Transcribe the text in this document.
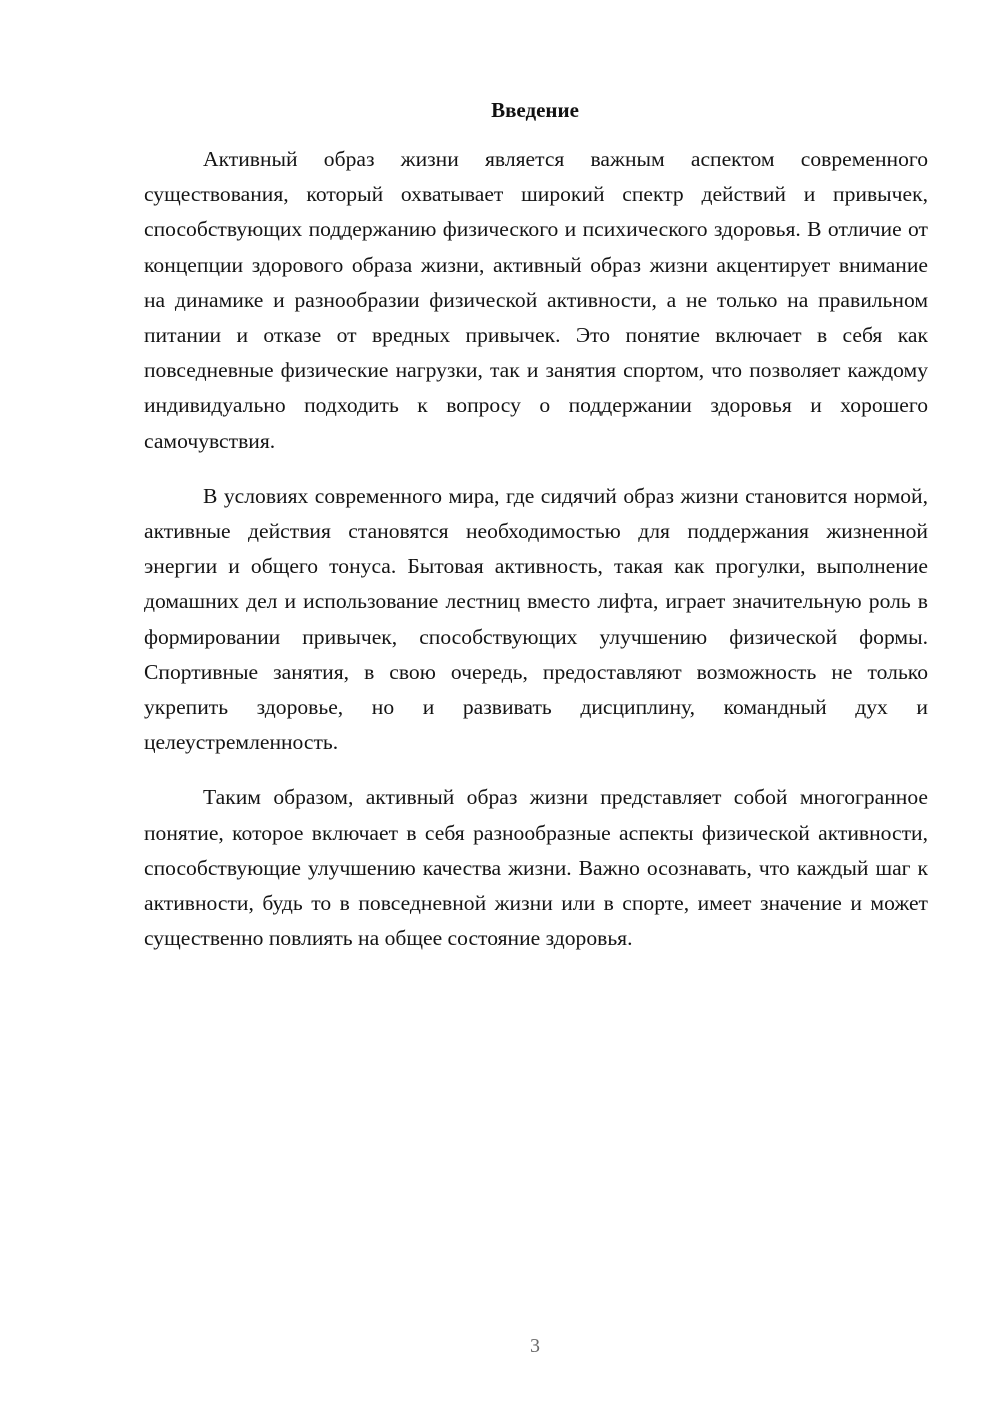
Введение

Активный образ жизни является важным аспектом современного существования, который охватывает широкий спектр действий и привычек, способствующих поддержанию физического и психического здоровья. В отличие от концепции здорового образа жизни, активный образ жизни акцентирует внимание на динамике и разнообразии физической активности, а не только на правильном питании и отказе от вредных привычек. Это понятие включает в себя как повседневные физические нагрузки, так и занятия спортом, что позволяет каждому индивидуально подходить к вопросу о поддержании здоровья и хорошего самочувствия.

В условиях современного мира, где сидячий образ жизни становится нормой, активные действия становятся необходимостью для поддержания жизненной энергии и общего тонуса. Бытовая активность, такая как прогулки, выполнение домашних дел и использование лестниц вместо лифта, играет значительную роль в формировании привычек, способствующих улучшению физической формы. Спортивные занятия, в свою очередь, предоставляют возможность не только укрепить здоровье, но и развивать дисциплину, командный дух и целеустремленность.

Таким образом, активный образ жизни представляет собой многогранное понятие, которое включает в себя разнообразные аспекты физической активности, способствующие улучшению качества жизни. Важно осознавать, что каждый шаг к активности, будь то в повседневной жизни или в спорте, имеет значение и может существенно повлиять на общее состояние здоровья.

3
